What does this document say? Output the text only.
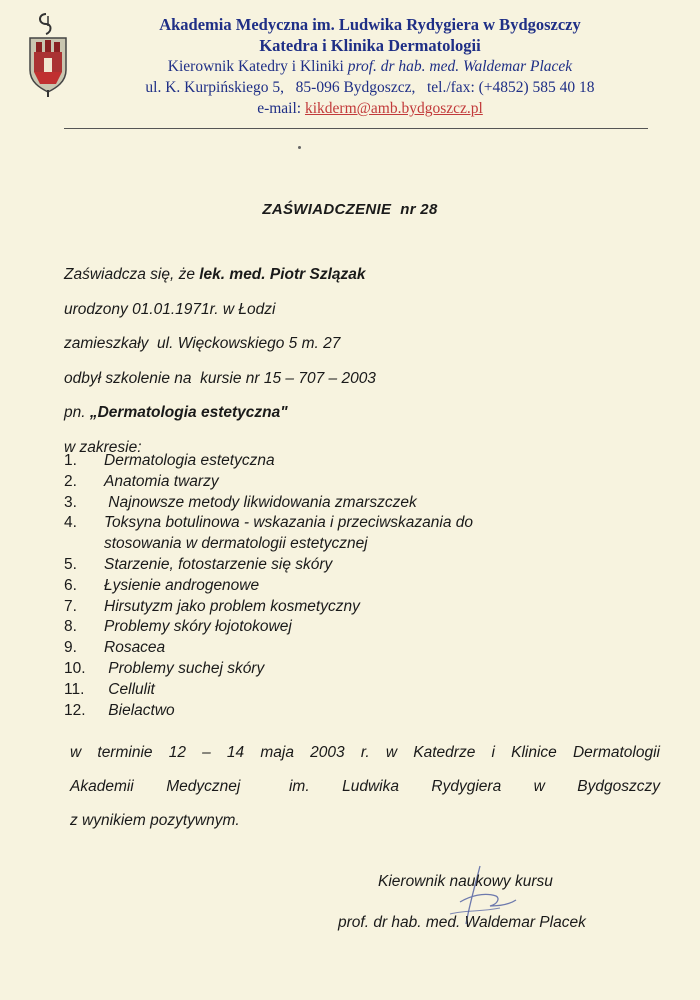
Akademia Medyczna im. Ludwika Rydygiera w Bydgoszczy
Katedra i Klinika Dermatologii
Kierownik Katedry i Kliniki prof. dr hab. med. Waldemar Placek
ul. K. Kurpińskiego 5,   85-096 Bydgoszcz,   tel./fax: (+4852) 585 40 18
e-mail: kikderm@amb.bydgoszcz.pl
ZAŚWIADCZENIE  nr 28
Zaświadcza się, że lek. med. Piotr Szlązak
urodzony 01.01.1971r. w Łodzi
zamieszkały  ul. Więckowskiego 5 m. 27
odbył szkolenie na  kursie nr 15 – 707 – 2003
pn. „Dermatologia estetyczna"
w zakresie:
1.	Dermatologia estetyczna
2.	Anatomia twarzy
3.	Najnowsze metody likwidowania zmarszczek
4.	Toksyna botulinowa - wskazania i przeciwskazania do
stosowania w dermatologii estetycznej
5.	Starzenie, fotostarzenie się skóry
6.	Łysienie androgenowe
7.	Hirsutyzm jako problem kosmetyczny
8.	Problemy skóry łojotokowej
9.	Rosacea
10.	Problemy suchej skóry
11.	Cellulit
12.	Bielactwo
w terminie 12 – 14 maja 2003 r. w Katedrze i Klinice Dermatologii
Akademii  Medycznej   im.  Ludwika  Rydygiera  w  Bydgoszczy
z wynikiem pozytywnym.
Kierownik naukowy kursu
prof. dr hab. med. Waldemar Placek
